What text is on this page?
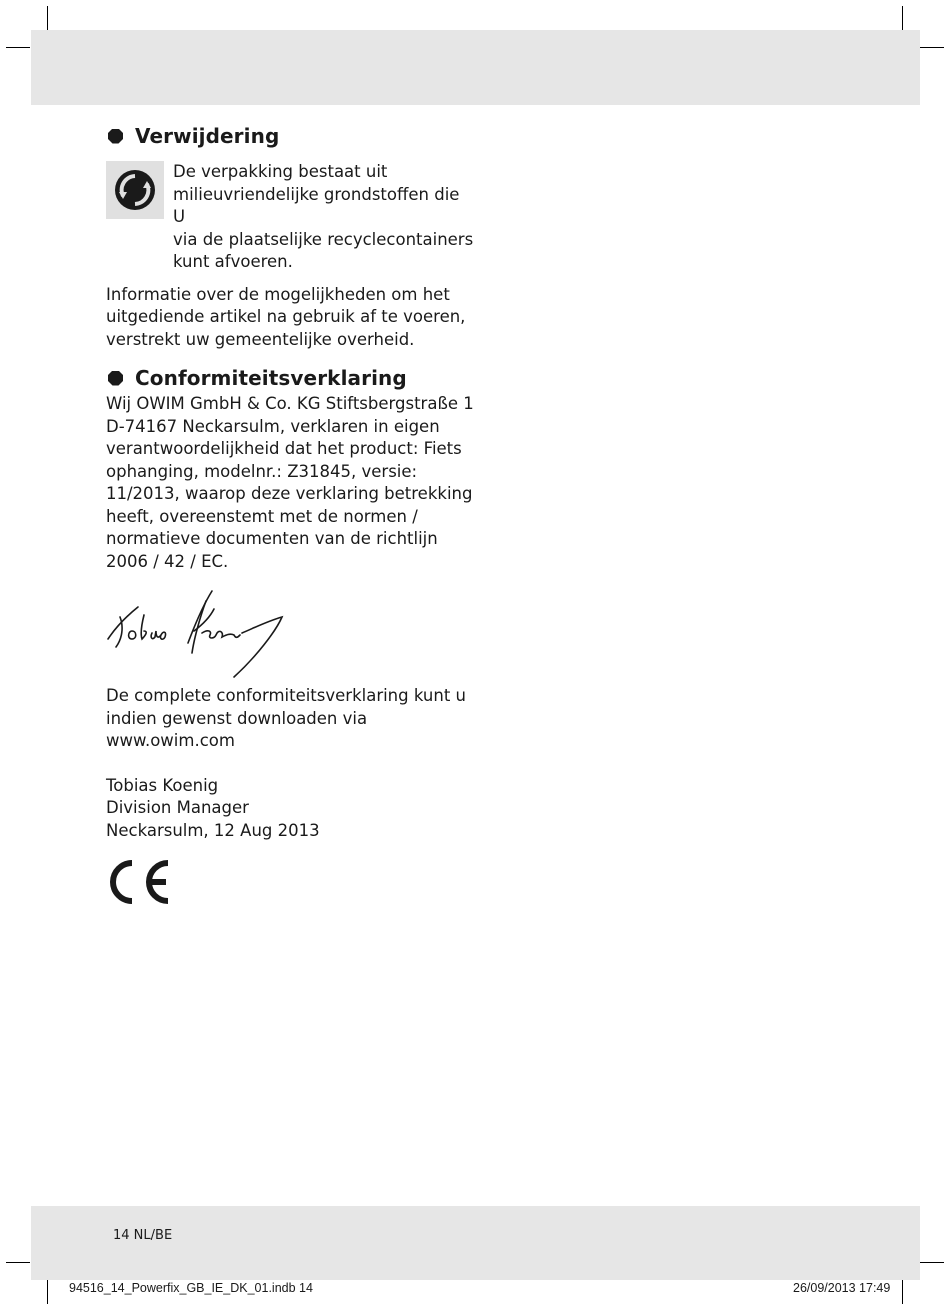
Verwijdering

De verpakking bestaat uit
milieuvriendelijke grondstoffen die U
via de plaatselijke recyclecontainers
kunt afvoeren.

Informatie over de mogelijkheden om het
uitgediende artikel na gebruik af te voeren,
verstrekt uw gemeentelijke overheid.

Conformiteitsverklaring

Wij OWIM GmbH & Co. KG Stiftsbergstraße 1
D-74167 Neckarsulm, verklaren in eigen
verantwoordelijkheid dat het product: Fiets
ophanging, modelnr.: Z31845, versie:
11/2013, waarop deze verklaring betrekking
heeft, overeenstemt met de normen /
normatieve documenten van de richtlijn
2006 / 42 / EC.

De complete conformiteitsverklaring kunt u
indien gewenst downloaden via
www.owim.com

Tobias Koenig

Division Manager

Neckarsulm, 12 Aug 2013

14 NL/BE
94516_14_Powerfix_GB_IE_DK_01.indb 14	26/09/2013 17:49
